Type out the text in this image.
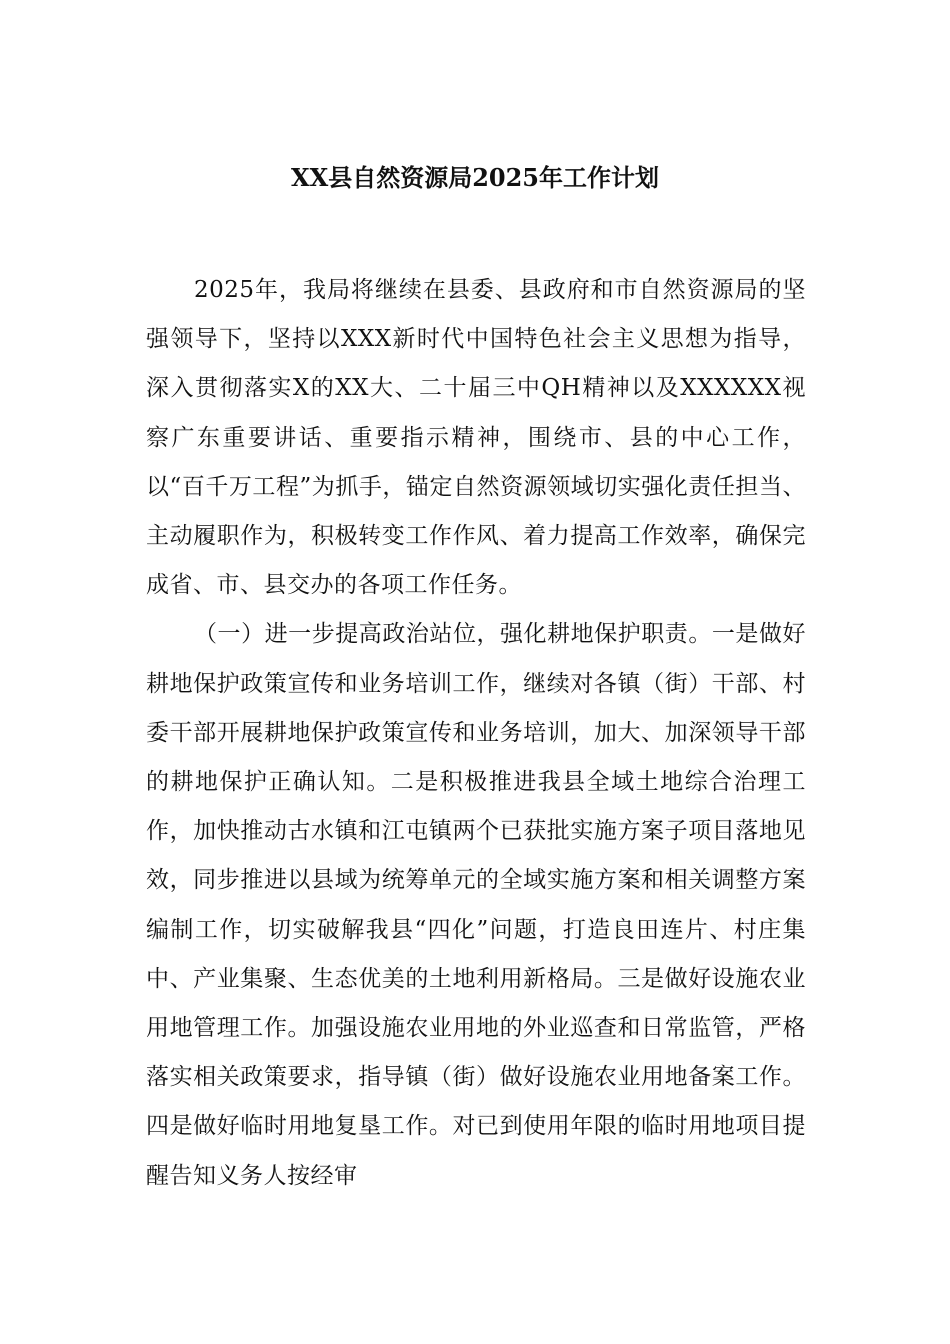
XX县自然资源局2025年工作计划

2025年，我局将继续在县委、县政府和市自然资源局的坚强领导下，坚持以XXX新时代中国特色社会主义思想为指导，深入贯彻落实X的XX大、二十届三中QH精神以及XXXXXX视察广东重要讲话、重要指示精神，围绕市、县的中心工作，以“百千万工程”为抓手，锚定自然资源领域切实强化责任担当、主动履职作为，积极转变工作作风、着力提高工作效率，确保完成省、市、县交办的各项工作任务。

（一）进一步提高政治站位，强化耕地保护职责。一是做好耕地保护政策宣传和业务培训工作，继续对各镇（街）干部、村委干部开展耕地保护政策宣传和业务培训，加大、加深领导干部的耕地保护正确认知。二是积极推进我县全域土地综合治理工作，加快推动古水镇和江屯镇两个已获批实施方案子项目落地见效，同步推进以县域为统筹单元的全域实施方案和相关调整方案编制工作，切实破解我县“四化”问题，打造良田连片、村庄集中、产业集聚、生态优美的土地利用新格局。三是做好设施农业用地管理工作。加强设施农业用地的外业巡查和日常监管，严格落实相关政策要求，指导镇（街）做好设施农业用地备案工作。四是做好临时用地复垦工作。对已到使用年限的临时用地项目提醒告知义务人按经审
